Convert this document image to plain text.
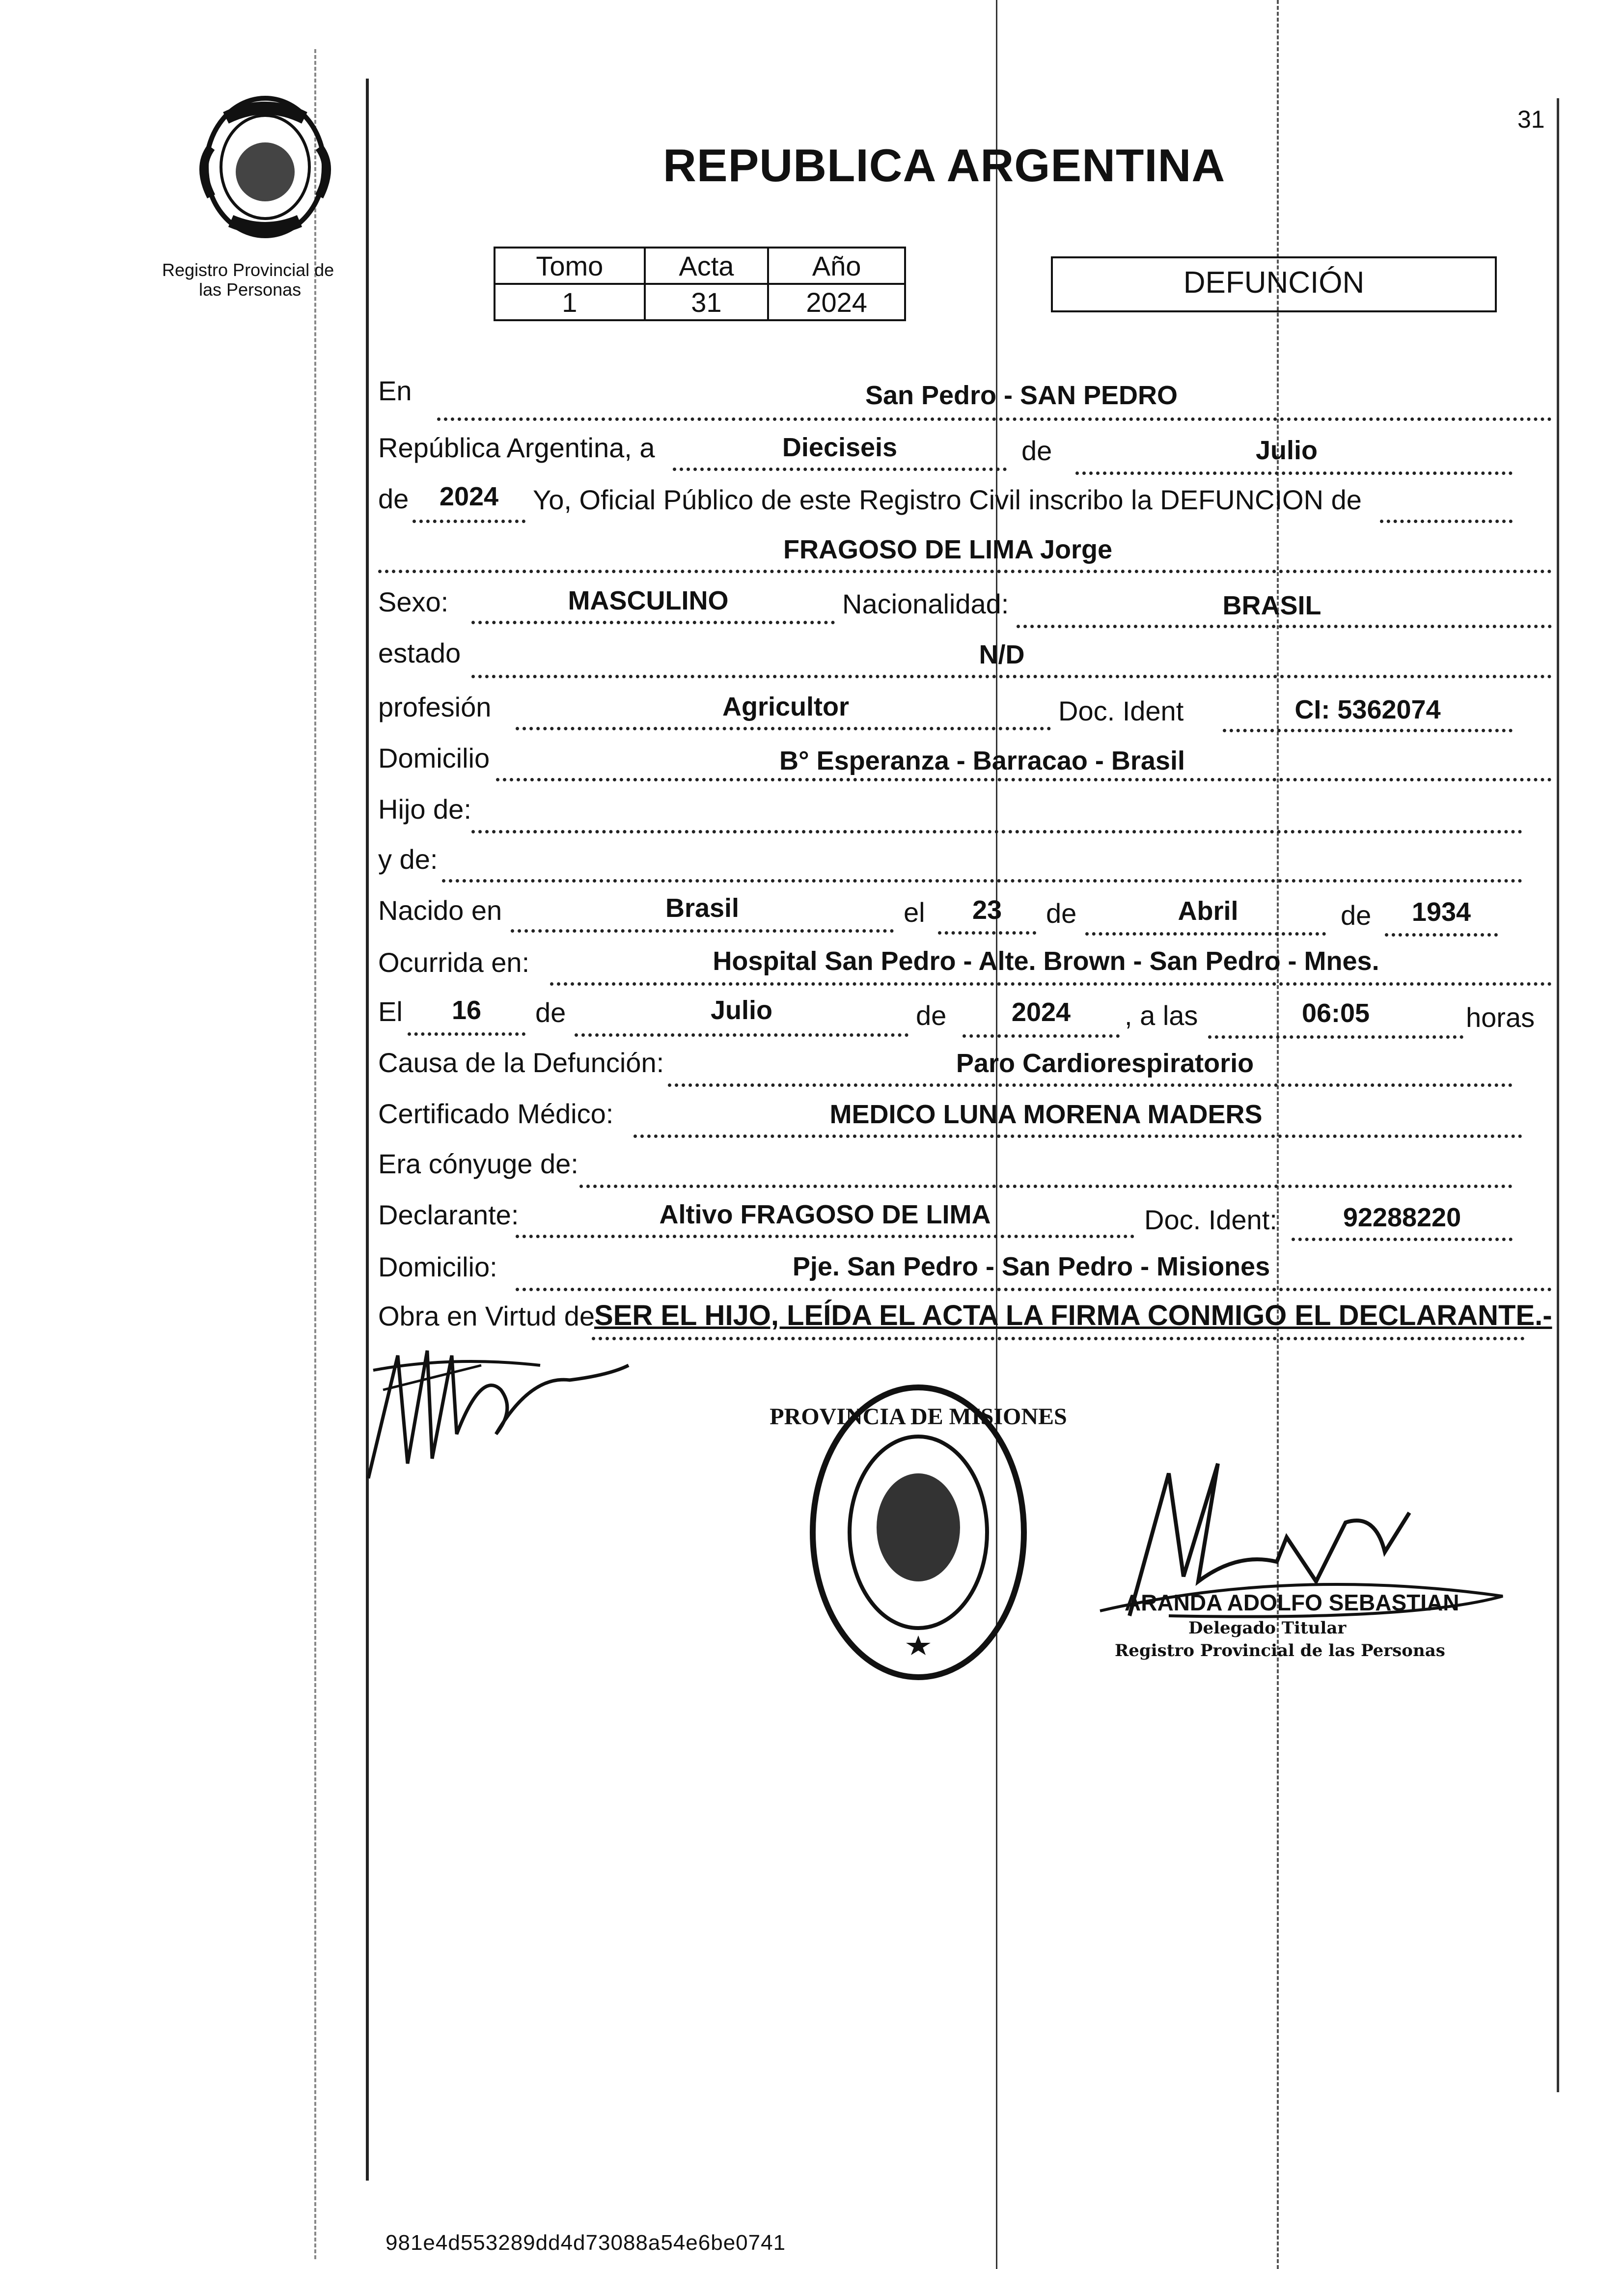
31
Registro Provincial de
las Personas
REPUBLICA ARGENTINA
Tomo	Acta	Año
1	31	2024
DEFUNCIÓN
En	San Pedro - SAN PEDRO
República Argentina, a	Dieciseis	de	Julio
de	2024	Yo, Oficial Público de este Registro Civil inscribo la DEFUNCION de
FRAGOSO DE LIMA Jorge
Sexo:	MASCULINO	Nacionalidad:	BRASIL
estado	N/D
profesión	Agricultor	Doc. Ident	CI: 5362074
Domicilio	B° Esperanza - Barracao - Brasil
Hijo de:
y de:
Nacido en	Brasil	el	23	de	Abril	de	1934
Ocurrida en:	Hospital San Pedro - Alte. Brown - San Pedro - Mnes.
El	16	de	Julio	de	2024	, a las	06:05	horas
Causa de la Defunción:	Paro Cardiorespiratorio
Certificado Médico:	MEDICO LUNA MORENA MADERS
Era cónyuge de:
Declarante:	Altivo FRAGOSO DE LIMA	Doc. Ident:	92288220
Domicilio:	Pje. San Pedro - San Pedro - Misiones
Obra en Virtud de
SER EL HIJO, LEÍDA EL ACTA LA FIRMA CONMIGO EL DECLARANTE.-
PROVINCIA DE MISIONES
ARANDA ADOLFO SEBASTIAN
Delegado Titular
Registro Provincial de las Personas
981e4d553289dd4d73088a54e6be0741
